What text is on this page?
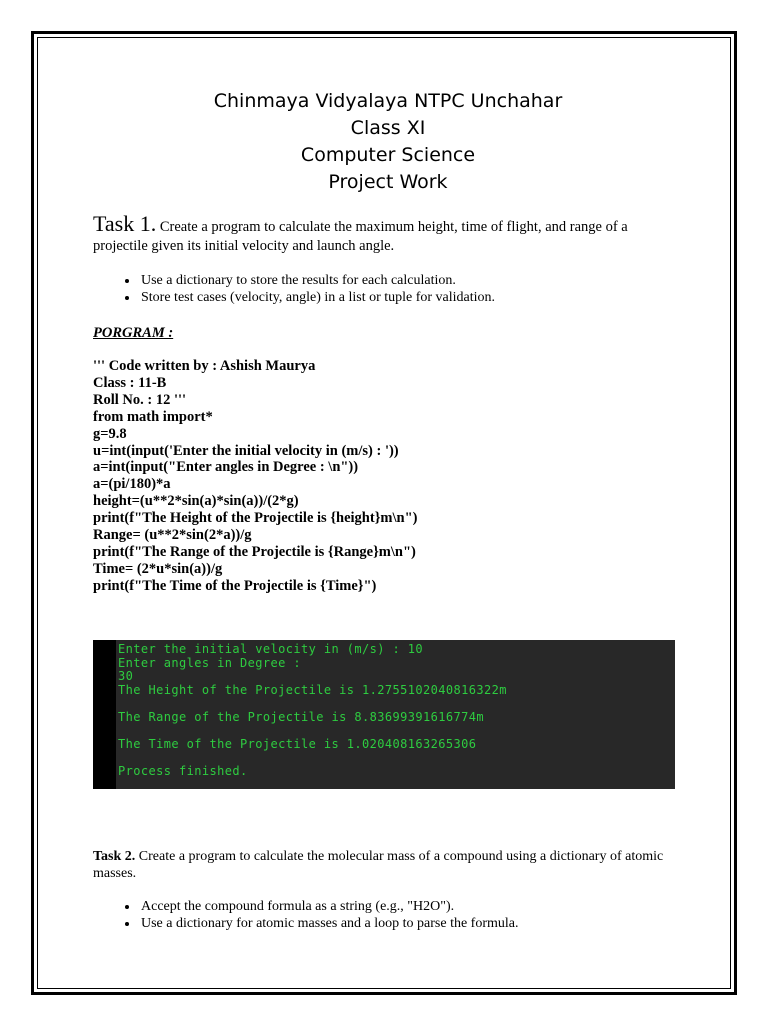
Chinmaya Vidyalaya NTPC Unchahar
Class XI
Computer Science
Project Work

Task 1. Create a program to calculate the maximum height, time of flight, and range of a projectile given its initial velocity and launch angle.

• Use a dictionary to store the results for each calculation.
• Store test cases (velocity, angle) in a list or tuple for validation.

PORGRAM :

''' Code written by : Ashish Maurya
Class : 11-B
Roll No. : 12 '''
from math import*
g=9.8
u=int(input('Enter the initial velocity in (m/s) : '))
a=int(input("Enter angles in Degree : \n"))
a=(pi/180)*a
height=(u**2*sin(a)*sin(a))/(2*g)
print(f"The Height of the Projectile is {height}m\n")
Range= (u**2*sin(2*a))/g
print(f"The Range of the Projectile is {Range}m\n")
Time= (2*u*sin(a))/g
print(f"The Time of the Projectile is {Time}")
Enter the initial velocity in (m/s) : 10
Enter angles in Degree :
30
The Height of the Projectile is 1.2755102040816322m
The Range of the Projectile is 8.83699391616774m
The Time of the Projectile is 1.020408163265306
Process finished.

Task 2. Create a program to calculate the molecular mass of a compound using a dictionary of atomic masses.

• Accept the compound formula as a string (e.g., "H2O").
• Use a dictionary for atomic masses and a loop to parse the formula.
